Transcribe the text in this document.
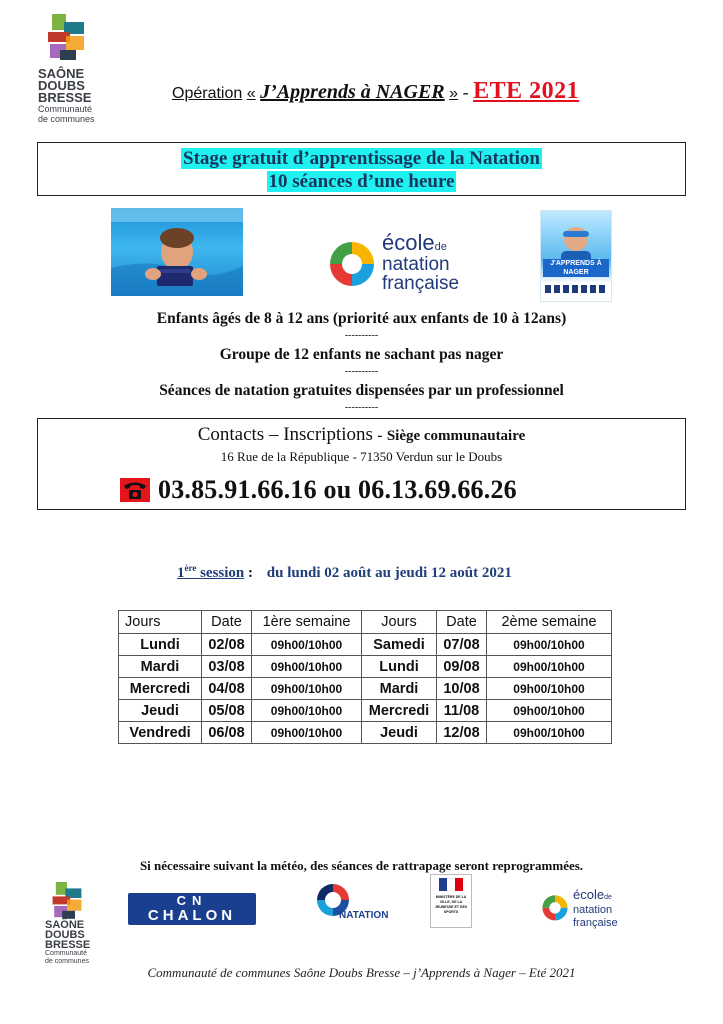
SAÔNE
DOUBS
BRESSE
Communauté
de communes
Opération « J’Apprends à NAGER » - ETE 2021
Stage gratuit d’apprentissage de la Natation
10 séances d’une heure
écolede
natation
française
J'APPRENDS À NAGER
Enfants âgés de 8 à 12 ans (priorité aux enfants de 10 à 12ans)
----------
Groupe de 12 enfants ne sachant pas nager
----------
Séances de natation gratuites dispensées par un professionnel
----------
Contacts – Inscriptions - Siège communautaire
16 Rue de la République - 71350 Verdun sur le Doubs
03.85.91.66.16 ou 06.13.69.66.26
1ère session : du lundi 02 août au jeudi 12 août 2021
Jours	Date	1ère semaine	Jours	Date	2ème semaine
Lundi	02/08	09h00/10h00	Samedi	07/08	09h00/10h00
Mardi	03/08	09h00/10h00	Lundi	09/08	09h00/10h00
Mercredi	04/08	09h00/10h00	Mardi	10/08	09h00/10h00
Jeudi	05/08	09h00/10h00	Mercredi	11/08	09h00/10h00
Vendredi	06/08	09h00/10h00	Jeudi	12/08	09h00/10h00
Si nécessaire suivant la météo, des séances de rattrapage seront reprogrammées.
SAÔNE
DOUBS
BRESSE
Communauté
de communes
CN
CHALON	NATATION
MINISTÈRE DE LA VILLE, DE LA JEUNESSE ET DES SPORTS
écolede
natation
française
Communauté de communes Saône Doubs Bresse – j’Apprends à Nager – Eté 2021
